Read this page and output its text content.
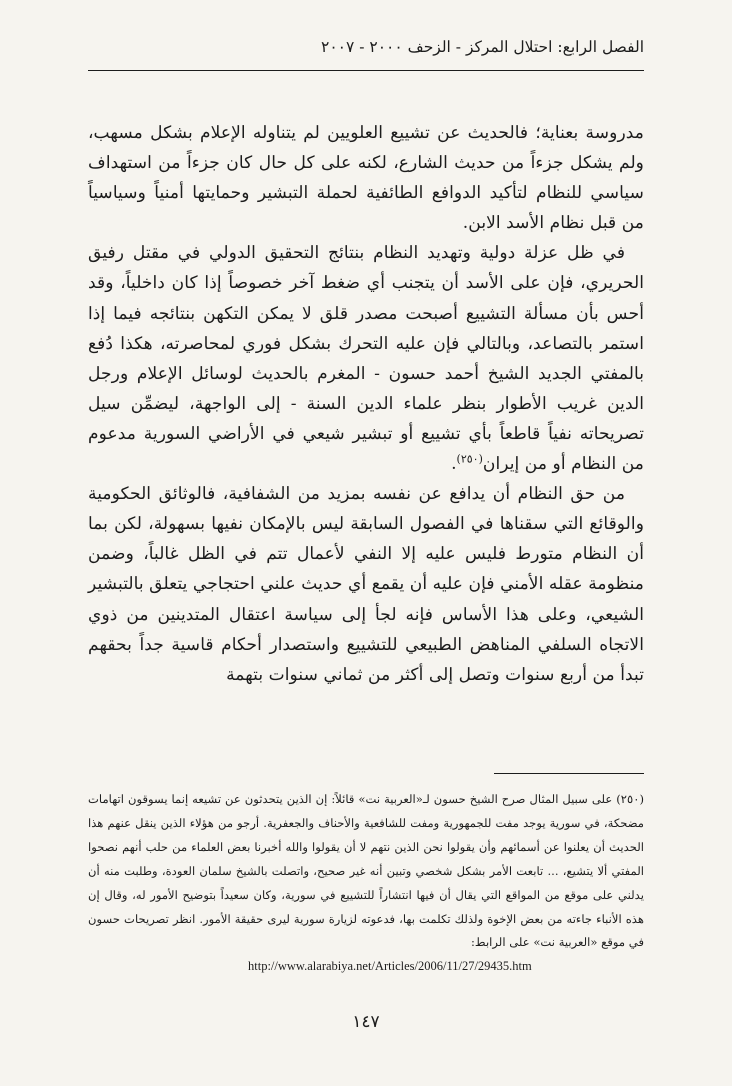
الفصل الرابع: احتلال المركز - الزحف ٢٠٠٠ - ٢٠٠٧

مدروسة بعناية؛ فالحديث عن تشييع العلويين لم يتناوله الإعلام بشكل مسهب، ولم يشكل جزءاً من حديث الشارع، لكنه على كل حال كان جزءاً من استهداف سياسي للنظام لتأكيد الدوافع الطائفية لحملة التبشير وحمايتها أمنياً وسياسياً من قبل نظام الأسد الابن.

في ظل عزلة دولية وتهديد النظام بنتائج التحقيق الدولي في مقتل رفيق الحريري، فإن على الأسد أن يتجنب أي ضغط آخر خصوصاً إذا كان داخلياً، وقد أحس بأن مسألة التشييع أصبحت مصدر قلق لا يمكن التكهن بنتائجه فيما إذا استمر بالتصاعد، وبالتالي فإن عليه التحرك بشكل فوري لمحاصرته، هكذا دُفع بالمفتي الجديد الشيخ أحمد حسون - المغرم بالحديث لوسائل الإعلام ورجل الدين غريب الأطوار بنظر علماء الدين السنة - إلى الواجهة، ليضمِّن سيل تصريحاته نفياً قاطعاً بأي تشييع أو تبشير شيعي في الأراضي السورية مدعوم من النظام أو من إيران$^{(٢٥٠)}$.

من حق النظام أن يدافع عن نفسه بمزيد من الشفافية، فالوثائق الحكومية والوقائع التي سقناها في الفصول السابقة ليس بالإمكان نفيها بسهولة، لكن بما أن النظام متورط فليس عليه إلا النفي لأعمال تتم في الظل غالباً، وضمن منظومة عقله الأمني فإن عليه أن يقمع أي حديث علني احتجاجي يتعلق بالتبشير الشيعي، وعلى هذا الأساس فإنه لجأ إلى سياسة اعتقال المتدينين من ذوي الاتجاه السلفي المناهض الطبيعي للتشييع واستصدار أحكام قاسية جداً بحقهم تبدأ من أربع سنوات وتصل إلى أكثر من ثماني سنوات بتهمة

(٢٥٠) على سبيل المثال صرح الشيخ حسون لـ«العربية نت» قائلاً: إن الذين يتحدثون عن تشيعه إنما يسوقون اتهامات مضحكة، في سورية يوجد مفت للجمهورية ومفت للشافعية والأحناف والجعفرية. أرجو من هؤلاء الذين ينقل عنهم هذا الحديث أن يعلنوا عن أسمائهم وأن يقولوا نحن الذين نتهم لا أن يقولوا والله أخبرنا بعض العلماء من حلب أنهم نصحوا المفتي ألا يتشيع، ... تابعت الأمر بشكل شخصي وتبين أنه غير صحيح، واتصلت بالشيخ سلمان العودة، وطلبت منه أن يدلني على موقع من المواقع التي يقال أن فيها انتشاراً للتشييع في سورية، وكان سعيداً بتوضيح الأمور له، وقال إن هذه الأنباء جاءته من بعض الإخوة ولذلك تكلمت بها، فدعوته لزيارة سورية ليرى حقيقة الأمور. انظر تصريحات حسون في موقع «العربية نت» على الرابط:

http://www.alarabiya.net/Articles/2006/11/27/29435.htm
١٤٧
